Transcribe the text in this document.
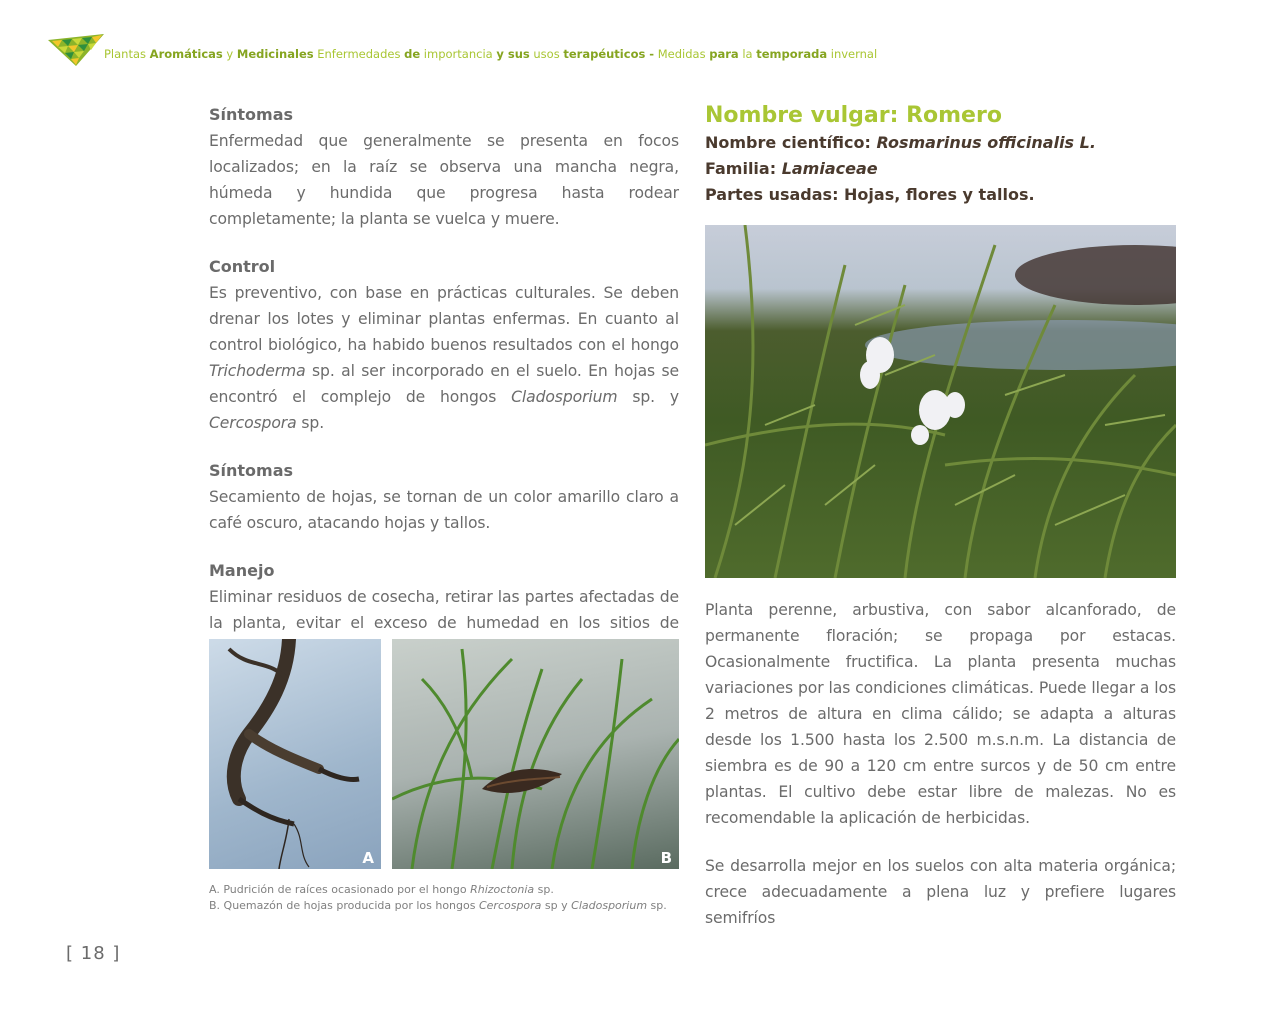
Plantas Aromáticas y Medicinales Enfermedades de importancia y sus usos terapéuticos - Medidas para la temporada invernal
Síntomas

Enfermedad que generalmente se presenta en focos localizados; en la raíz se observa una mancha negra, húmeda y hundida que progresa hasta rodear completamente; la planta se vuelca y muere.

Control

Es preventivo, con base en prácticas culturales. Se deben drenar los lotes y eliminar plantas enfermas. En cuanto al control biológico, ha habido buenos resultados con el hongo Trichoderma sp. al ser incorporado en el suelo. En hojas se encontró el complejo de hongos Cladosporium sp. y Cercospora sp.

Síntomas

Secamiento de hojas, se tornan de un color amarillo claro a café oscuro, atacando hojas y tallos.

Manejo

Eliminar residuos de cosecha, retirar las partes afectadas de la planta, evitar el exceso de humedad en los sitios de

A	B

A. Pudrición de raíces ocasionado por el hongo Rhizoctonia sp.
B. Quemazón de hojas producida por los hongos Cercospora sp y Cladosporium sp.

Nombre vulgar: Romero

Nombre científico: Rosmarinus officinalis L.

Familia: Lamiaceae

Partes usadas: Hojas, flores y tallos.

Planta perenne, arbustiva, con sabor alcanforado, de permanente floración; se propaga por estacas. Ocasionalmente fructifica. La planta presenta muchas variaciones por las condiciones climáticas. Puede llegar a los 2 metros de altura en clima cálido; se adapta a alturas desde los 1.500 hasta los 2.500 m.s.n.m. La distancia de siembra es de 90 a 120 cm entre surcos y de 50 cm entre plantas. El cultivo debe estar libre de malezas. No es recomendable la aplicación de herbicidas.

Se desarrolla mejor en los suelos con alta materia orgánica; crece adecuadamente a plena luz y prefiere lugares semifríos

[ 18 ]
